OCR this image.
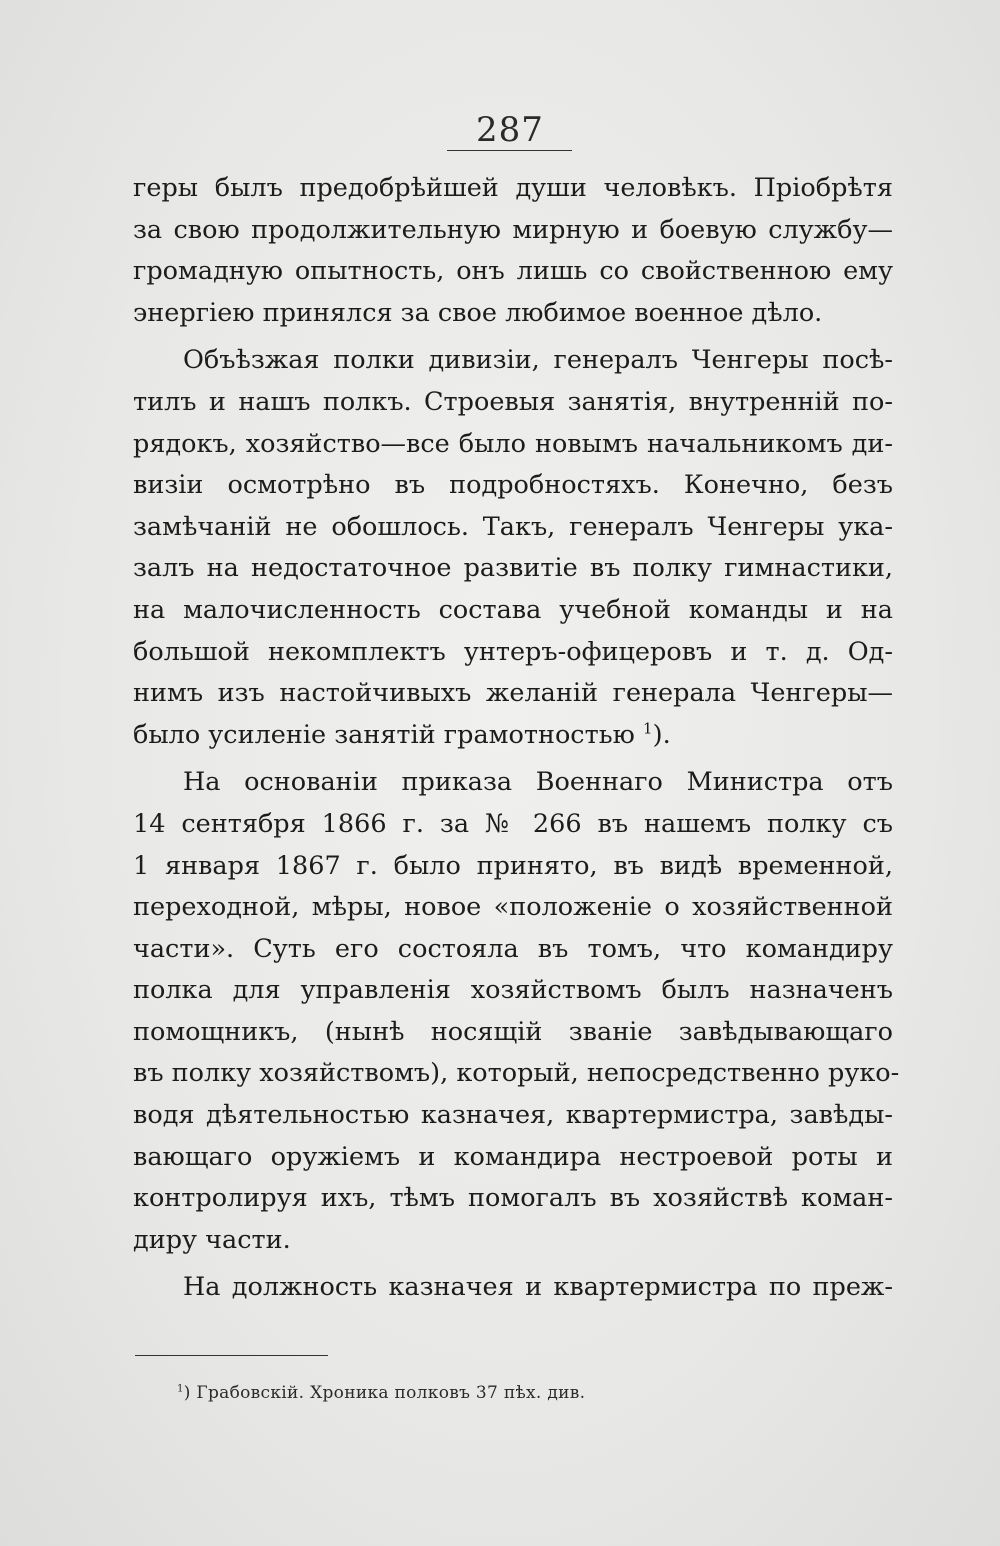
287
геры былъ предобрѣйшей души человѣкъ. Пріобрѣтя
за свою продолжительную мирную и боевую службу—
громадную опытность, онъ лишь со свойственною ему
энергіею принялся за свое любимое военное дѣло.
Объѣзжая полки дивизіи, генералъ Ченгеры посѣ-
тилъ и нашъ полкъ. Строевыя занятія, внутренній по-
рядокъ, хозяйство—все было новымъ начальникомъ ди-
визіи осмотрѣно въ подробностяхъ. Конечно, безъ
замѣчаній не обошлось. Такъ, генералъ Ченгеры ука-
залъ на недостаточное развитіе въ полку гимнастики,
на малочисленность состава учебной команды и на
большой некомплектъ унтеръ-офицеровъ и т. д. Од-
нимъ изъ настойчивыхъ желаній генерала Ченгеры—
было усиленіе занятій грамотностью $^1$).
На основаніи приказа Военнаго Министра отъ
14 сентября 1866 г. за № 266 въ нашемъ полку съ
1 января 1867 г. было принято, въ видѣ временной,
переходной, мѣры, новое «положеніе о хозяйственной
части». Суть его состояла въ томъ, что командиру
полка для управленія хозяйствомъ былъ назначенъ
помощникъ, (нынѣ носящій званіе завѣдывающаго
въ полку хозяйствомъ), который, непосредственно руко-
водя дѣятельностью казначея, квартермистра, завѣды-
вающаго оружіемъ и командира нестроевой роты и
контролируя ихъ, тѣмъ помогалъ въ хозяйствѣ коман-
диру части.
На должность казначея и квартермистра по преж-
$^1$) Грабовскій. Хроника полковъ 37 пѣх. див.
